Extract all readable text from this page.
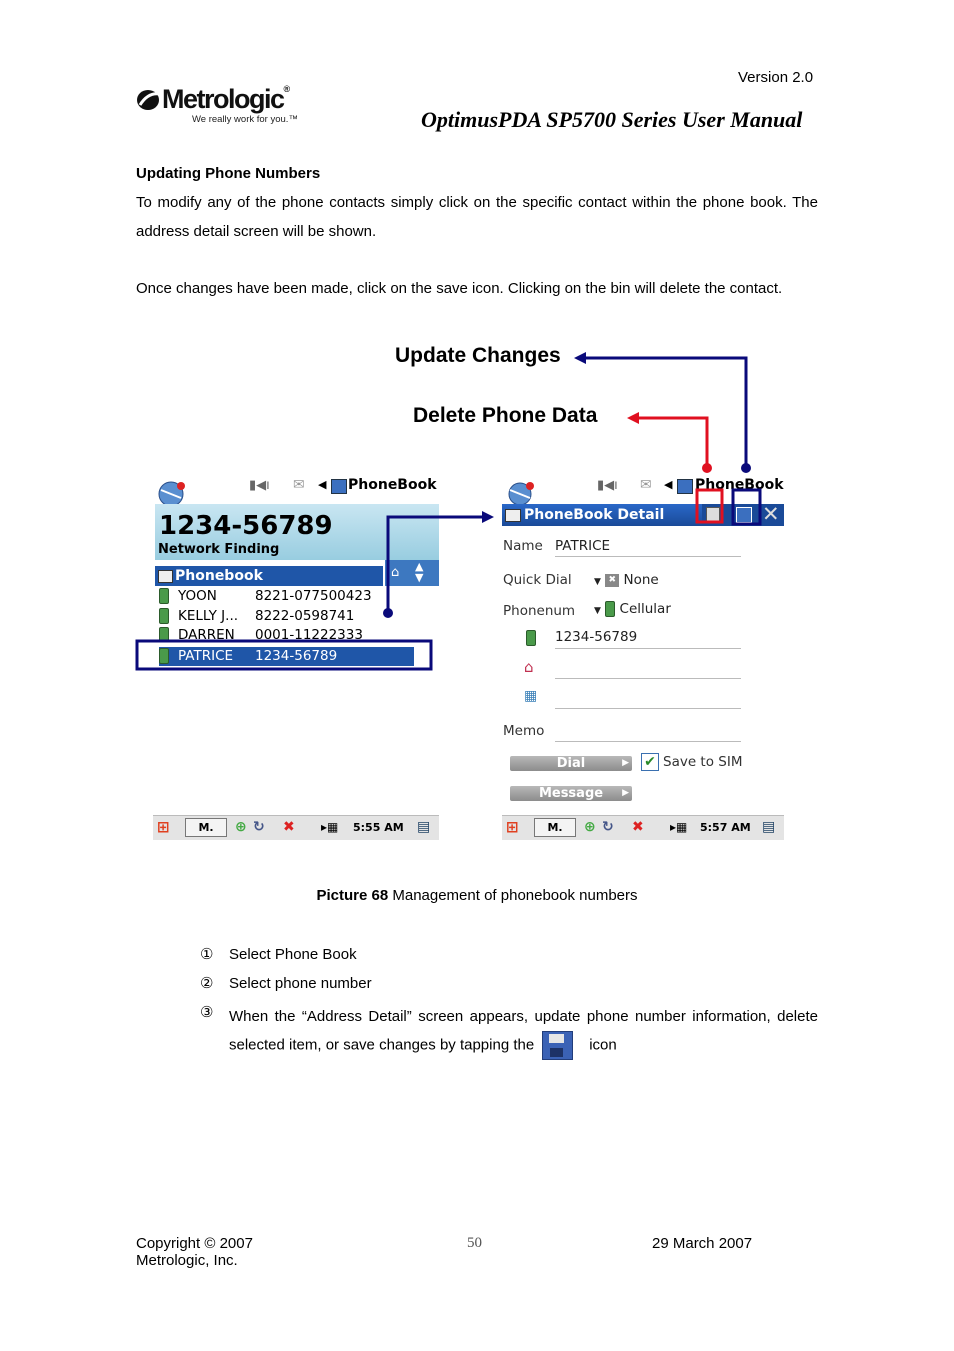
Version 2.0
Metrologic®
We really work for you.™	OptimusPDA SP5700 Series User Manual
Updating Phone Numbers
To modify any of the phone contacts simply click on the specific contact within the phone book. The address detail screen will be shown.
Once changes have been made, click on the save icon. Clicking on the bin will delete the contact.
Update Changes
Delete Phone Data
▮◀ı ✉ ◀ PhoneBook
1234-56789
Network Finding
Phonebook	⌂ ▲
▼
YOON	8221-077500423
KELLY J... 8222-0598741
DARREN 0001-11222333
PATRICE 1234-56789
⊞	M.	⊕ ↻ ✖ ▸▦ 5:55 AM ▤
▮◀ı ✉ ◀ PhoneBook
PhoneBook Detail	✕
Name PATRICE
Quick Dial ▼ ✖ None
Phonenum ▼ Cellular
1234-56789
⌂
▦
Memo
Dial	▶ ✔ Save to SIM
Message ▶
⊞	M.	⊕ ↻ ✖ ▸▦ 5:57 AM ▤
Picture 68 Management of phonebook numbers
① Select Phone Book
② Select phone number
③	When the “Address Detail” screen appears, update phone number information, delete selected item, or save changes by tapping the	icon
Copyright © 2007
Metrologic, Inc.
50	29 March 2007
